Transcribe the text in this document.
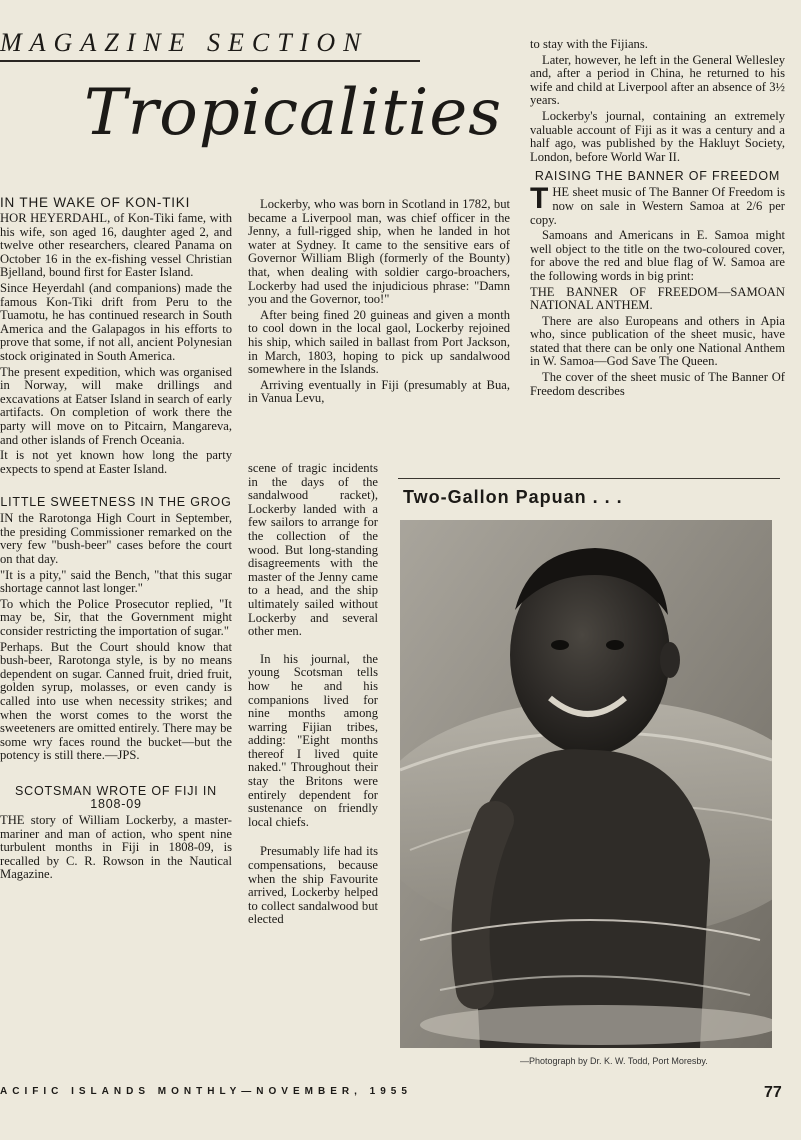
MAGAZINE SECTION
Tropicalities
IN THE WAKE OF KON-TIKI

HOR HEYERDAHL, of Kon-Tiki fame, with his wife, son aged 16, daughter aged 2, and twelve other researchers, cleared Panama on October 16 in the ex-fishing vessel Christian Bjelland, bound first for Easter Island.

Since Heyerdahl (and companions) made the famous Kon-Tiki drift from Peru to the Tuamotu, he has continued research in South America and the Galapagos in his efforts to prove that some, if not all, ancient Polynesian stock originated in South America.

The present expedition, which was organised in Norway, will make drillings and excavations at Eatser Island in search of early artifacts. On completion of work there the party will move on to Pitcairn, Mangareva, and other islands of French Oceania.

It is not yet known how long the party expects to spend at Easter Island.

LITTLE SWEETNESS IN THE GROG

IN the Rarotonga High Court in September, the presiding Commissioner remarked on the very few "bush-beer" cases before the court on that day.

"It is a pity," said the Bench, "that this sugar shortage cannot last longer."

To which the Police Prosecutor replied, "It may be, Sir, that the Government might consider restricting the importation of sugar."

Perhaps. But the Court should know that bush-beer, Rarotonga style, is by no means dependent on sugar. Canned fruit, dried fruit, golden syrup, molasses, or even candy is called into use when necessity strikes; and when the worst comes to the worst the sweeteners are omitted entirely. There may be some wry faces round the bucket—but the potency is still there.—JPS.

SCOTSMAN WROTE OF FIJI IN 1808-09

THE story of William Lockerby, a master-mariner and man of action, who spent nine turbulent months in Fiji in 1808-09, is recalled by C. R. Rowson in the Nautical Magazine.

Lockerby, who was born in Scotland in 1782, but became a Liverpool man, was chief officer in the Jenny, a full-rigged ship, when he landed in hot water at Sydney. It came to the sensitive ears of Governor William Bligh (formerly of the Bounty) that, when dealing with soldier cargo-broachers, Lockerby had used the injudicious phrase: "Damn you and the Governor, too!"

After being fined 20 guineas and given a month to cool down in the local gaol, Lockerby rejoined his ship, which sailed in ballast from Port Jackson, in March, 1803, hoping to pick up sandalwood somewhere in the Islands.

Arriving eventually in Fiji (presumably at Bua, in Vanua Levu,

scene of tragic incidents in the days of the sandalwood racket), Lockerby landed with a few sailors to arrange for the collection of the wood. But long-standing disagreements with the master of the Jenny came to a head, and the ship ultimately sailed without Lockerby and several other men.

In his journal, the young Scotsman tells how he and his companions lived for nine months among warring Fijian tribes, adding: "Eight months thereof I lived quite naked." Throughout their stay the Britons were entirely dependent for sustenance on friendly local chiefs.

Presumably life had its compensations, because when the ship Favourite arrived, Lockerby helped to collect sandalwood but elected

to stay with the Fijians.

Later, however, he left in the General Wellesley and, after a period in China, he returned to his wife and child at Liverpool after an absence of 3½ years.

Lockerby's journal, containing an extremely valuable account of Fiji as it was a century and a half ago, was published by the Hakluyt Society, London, before World War II.

RAISING THE BANNER OF FREEDOM

THE sheet music of The Banner Of Freedom is now on sale in Western Samoa at 2/6 per copy.

Samoans and Americans in E. Samoa might well object to the title on the two-coloured cover, for above the red and blue flag of W. Samoa are the following words in big print:

THE BANNER OF FREEDOM—SAMOAN NATIONAL ANTHEM.

There are also Europeans and others in Apia who, since publication of the sheet music, have stated that there can be only one National Anthem in W. Samoa—God Save The Queen.

The cover of the sheet music of The Banner Of Freedom describes

Two-Gallon Papuan . . .
—Photograph by Dr. K. W. Todd, Port Moresby.
ACIFIC ISLANDS MONTHLY—NOVEMBER, 1955	77
